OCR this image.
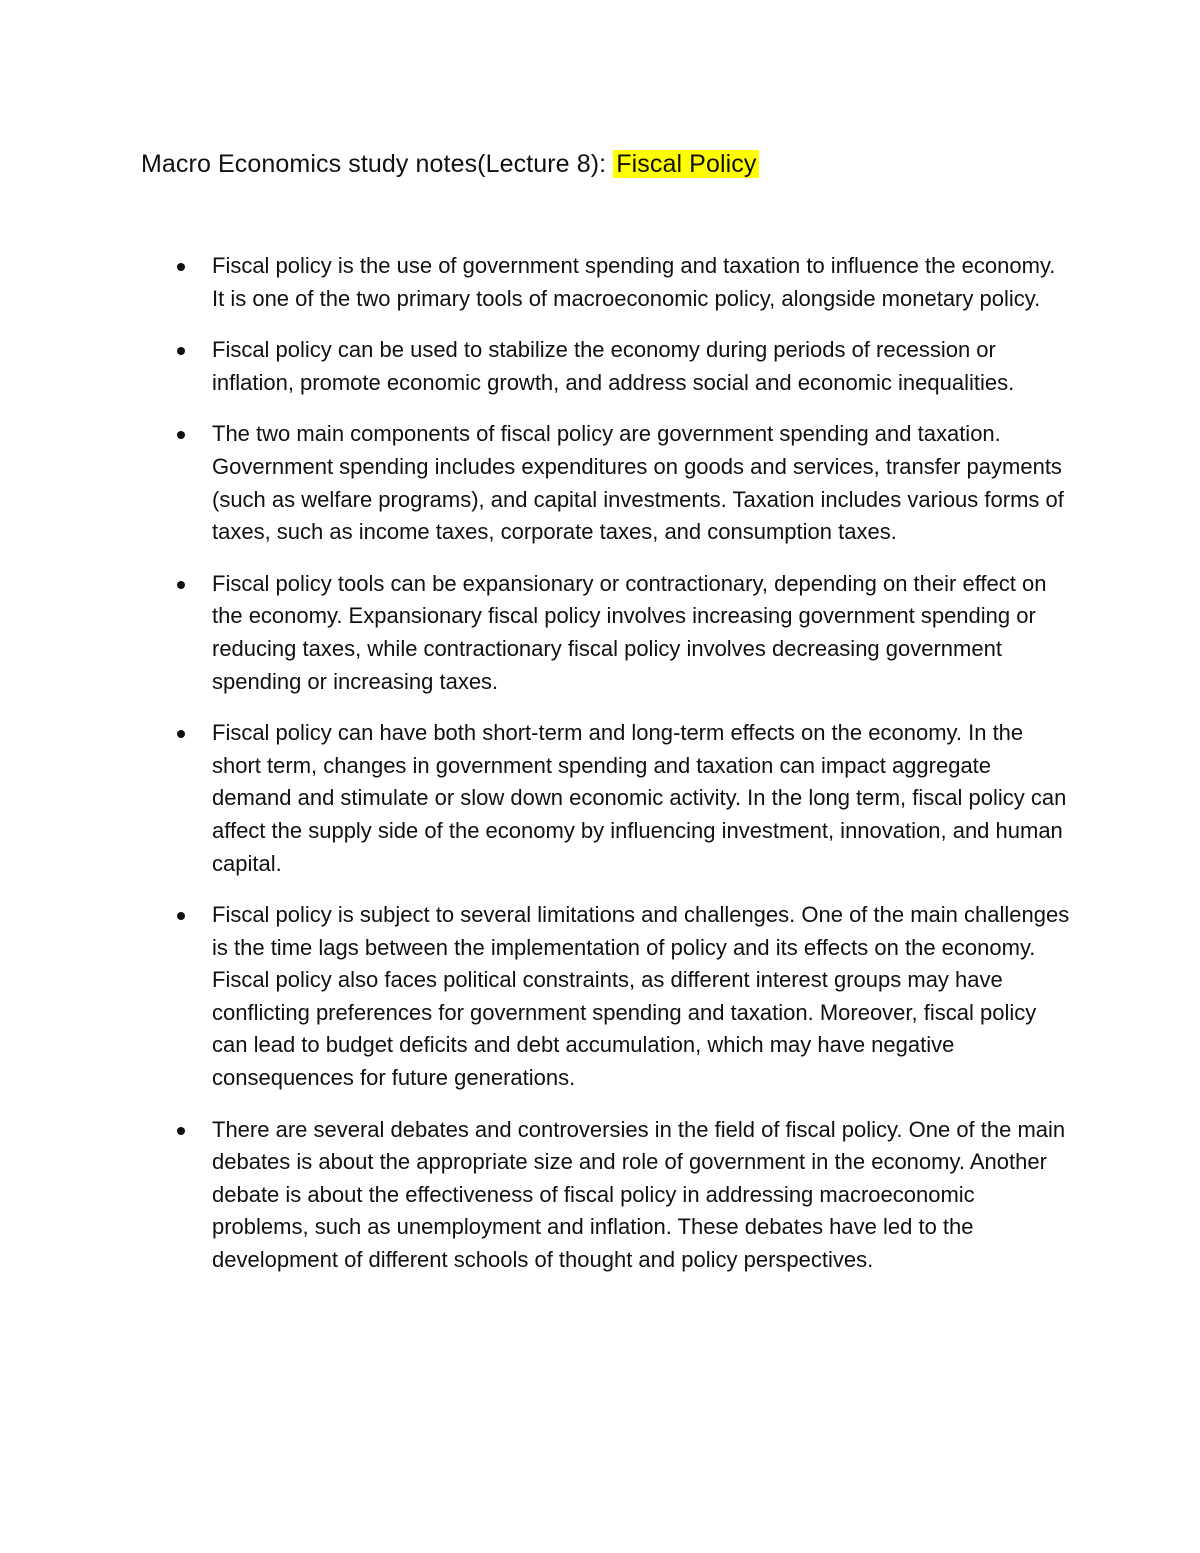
Macro Economics study notes(Lecture 8): Fiscal Policy
Fiscal policy is the use of government spending and taxation to influence the economy. It is one of the two primary tools of macroeconomic policy, alongside monetary policy.
Fiscal policy can be used to stabilize the economy during periods of recession or inflation, promote economic growth, and address social and economic inequalities.
The two main components of fiscal policy are government spending and taxation. Government spending includes expenditures on goods and services, transfer payments (such as welfare programs), and capital investments. Taxation includes various forms of taxes, such as income taxes, corporate taxes, and consumption taxes.
Fiscal policy tools can be expansionary or contractionary, depending on their effect on the economy. Expansionary fiscal policy involves increasing government spending or reducing taxes, while contractionary fiscal policy involves decreasing government spending or increasing taxes.
Fiscal policy can have both short-term and long-term effects on the economy. In the short term, changes in government spending and taxation can impact aggregate demand and stimulate or slow down economic activity. In the long term, fiscal policy can affect the supply side of the economy by influencing investment, innovation, and human capital.
Fiscal policy is subject to several limitations and challenges. One of the main challenges is the time lags between the implementation of policy and its effects on the economy. Fiscal policy also faces political constraints, as different interest groups may have conflicting preferences for government spending and taxation. Moreover, fiscal policy can lead to budget deficits and debt accumulation, which may have negative consequences for future generations.
There are several debates and controversies in the field of fiscal policy. One of the main debates is about the appropriate size and role of government in the economy. Another debate is about the effectiveness of fiscal policy in addressing macroeconomic problems, such as unemployment and inflation. These debates have led to the development of different schools of thought and policy perspectives.
